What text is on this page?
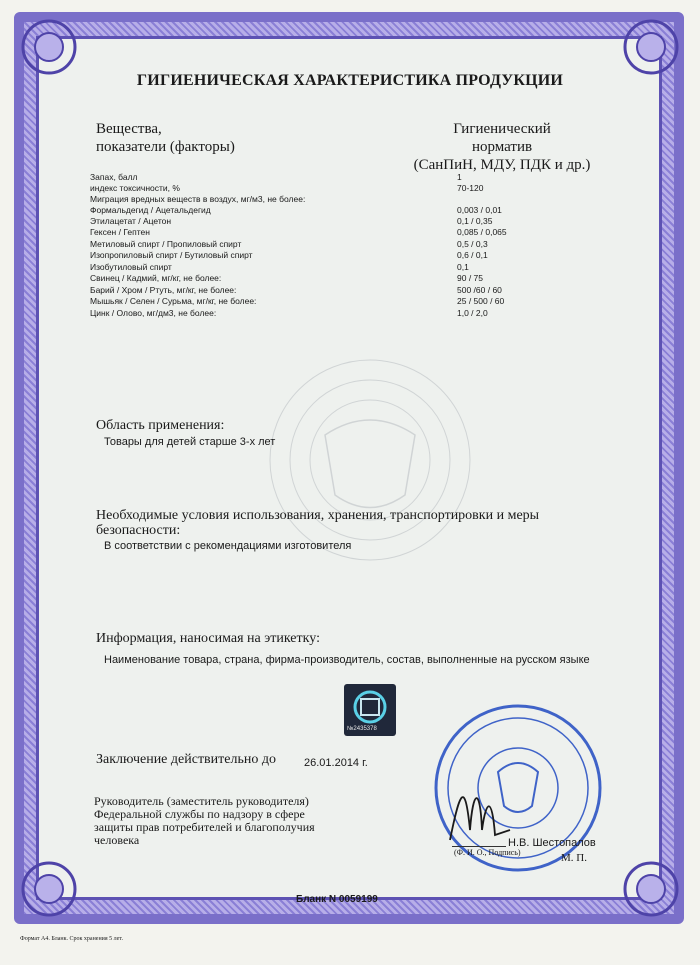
ГИГИЕНИЧЕСКАЯ ХАРАКТЕРИСТИКА ПРОДУКЦИИ
Вещества,
показатели (факторы)
Гигиенический
норматив
(СанПиН, МДУ, ПДК и др.)
Запах, балл	1
индекс токсичности, %	70-120
Миграция вредных веществ в воздух, мг/м3, не более:
Формальдегид / Ацетальдегид	0,003 / 0,01
Этилацетат / Ацетон	0,1 / 0,35
Гексен / Гептен	0,085 / 0,065
Метиловый спирт / Пропиловый спирт	0,5 / 0,3
Изопропиловый спирт / Бутиловый спирт	0,6 / 0,1
Изобутиловый спирт	0,1
Свинец / Кадмий, мг/кг, не более:	90 / 75
Барий / Хром / Ртуть, мг/кг, не более:	500 /60 / 60
Мышьяк / Селен / Сурьма, мг/кг, не более:	25 / 500 / 60
Цинк / Олово, мг/дм3, не более:	1,0 / 2,0
Область применения:
Товары для детей старше 3-х лет
Необходимые условия использования, хранения, транспортировки и меры
безопасности:
В соответствии с рекомендациями изготовителя
Информация, наносимая на этикетку:
Наименование товара, страна, фирма-производитель, состав, выполненные на русском языке
№2435378
Заключение действительно до	26.01.2014 г.
Руководитель (заместитель руководителя)
Федеральной службы по надзору в сфере
защиты прав потребителей и благополучия
человека	Н.В. Шестопалов
(Ф. И. О., Подпись)	М. П.
Бланк N 0059199
Формат А4. Бланк. Срок хранения 5 лет.
